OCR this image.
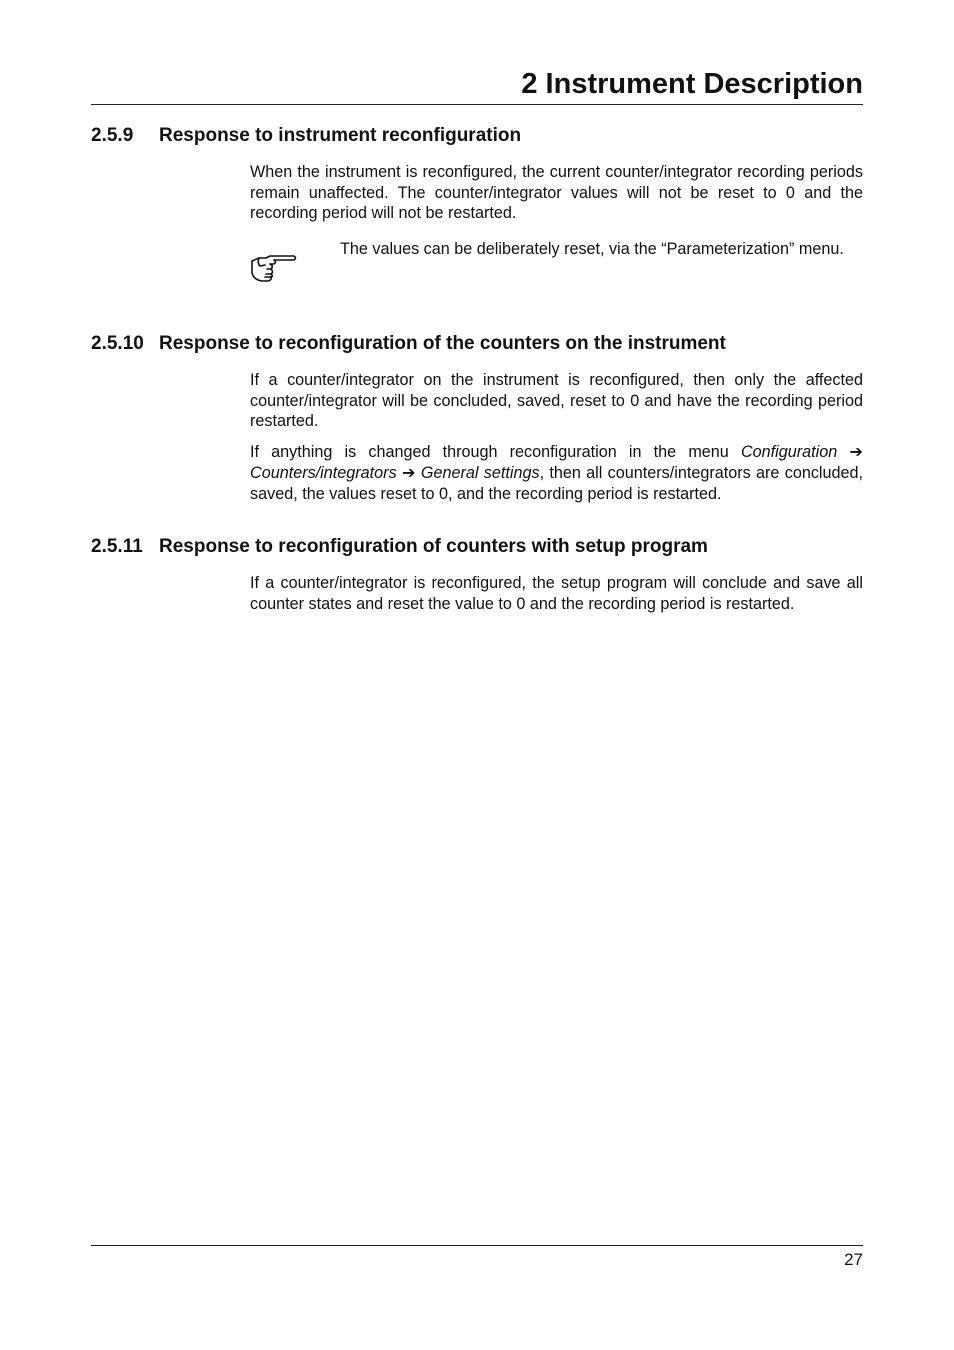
2 Instrument Description
2.5.9 Response to instrument reconfiguration

When the instrument is reconfigured, the current counter/integrator recording periods remain unaffected. The counter/integrator values will not be reset to 0 and the recording period will not be restarted.

The values can be deliberately reset, via the “Parameterization” menu.
2.5.10 Response to reconfiguration of the counters on the instrument

If a counter/integrator on the instrument is reconfigured, then only the affected counter/integrator will be concluded, saved, reset to 0 and have the recording period restarted.

If anything is changed through reconfiguration in the menu Configuration ➔ Counters/integrators ➔ General settings, then all counters/integrators are concluded, saved, the values reset to 0, and the recording period is restarted.

2.5.11 Response to reconfiguration of counters with setup program

If a counter/integrator is reconfigured, the setup program will conclude and save all counter states and reset the value to 0 and the recording period is restarted.

27
